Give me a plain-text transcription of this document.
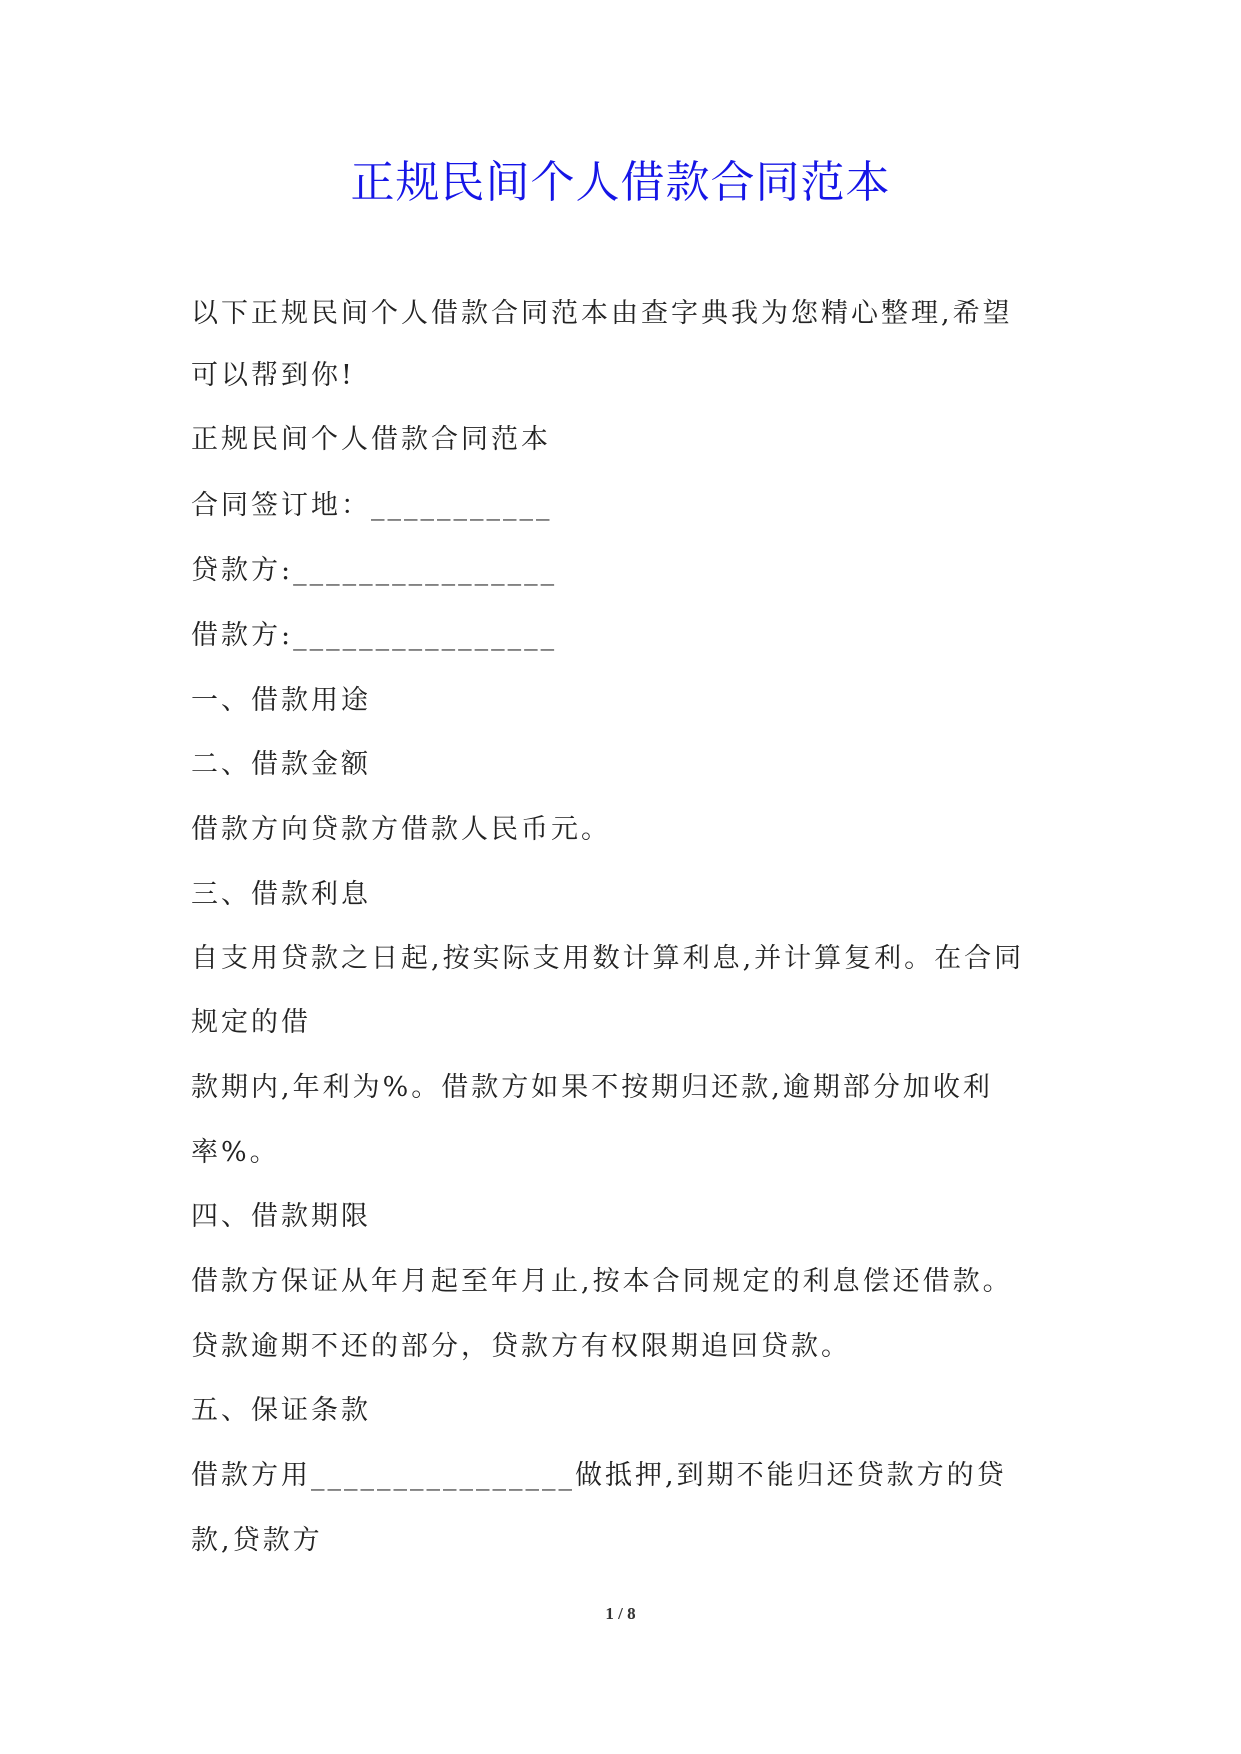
正规民间个人借款合同范本
以下正规民间个人借款合同范本由查字典我为您精心整理,希望
可以帮到你!
正规民间个人借款合同范本
合同签订地：___________
贷款方:________________
借款方:________________
一、借款用途
二、借款金额
借款方向贷款方借款人民币元。
三、借款利息
自支用贷款之日起,按实际支用数计算利息,并计算复利。在合同
规定的借
款期内,年利为%。借款方如果不按期归还款,逾期部分加收利
率%。
四、借款期限
借款方保证从年月起至年月止,按本合同规定的利息偿还借款。
贷款逾期不还的部分，贷款方有权限期追回贷款。
五、保证条款
借款方用________________做抵押,到期不能归还贷款方的贷
款,贷款方
1 / 8
